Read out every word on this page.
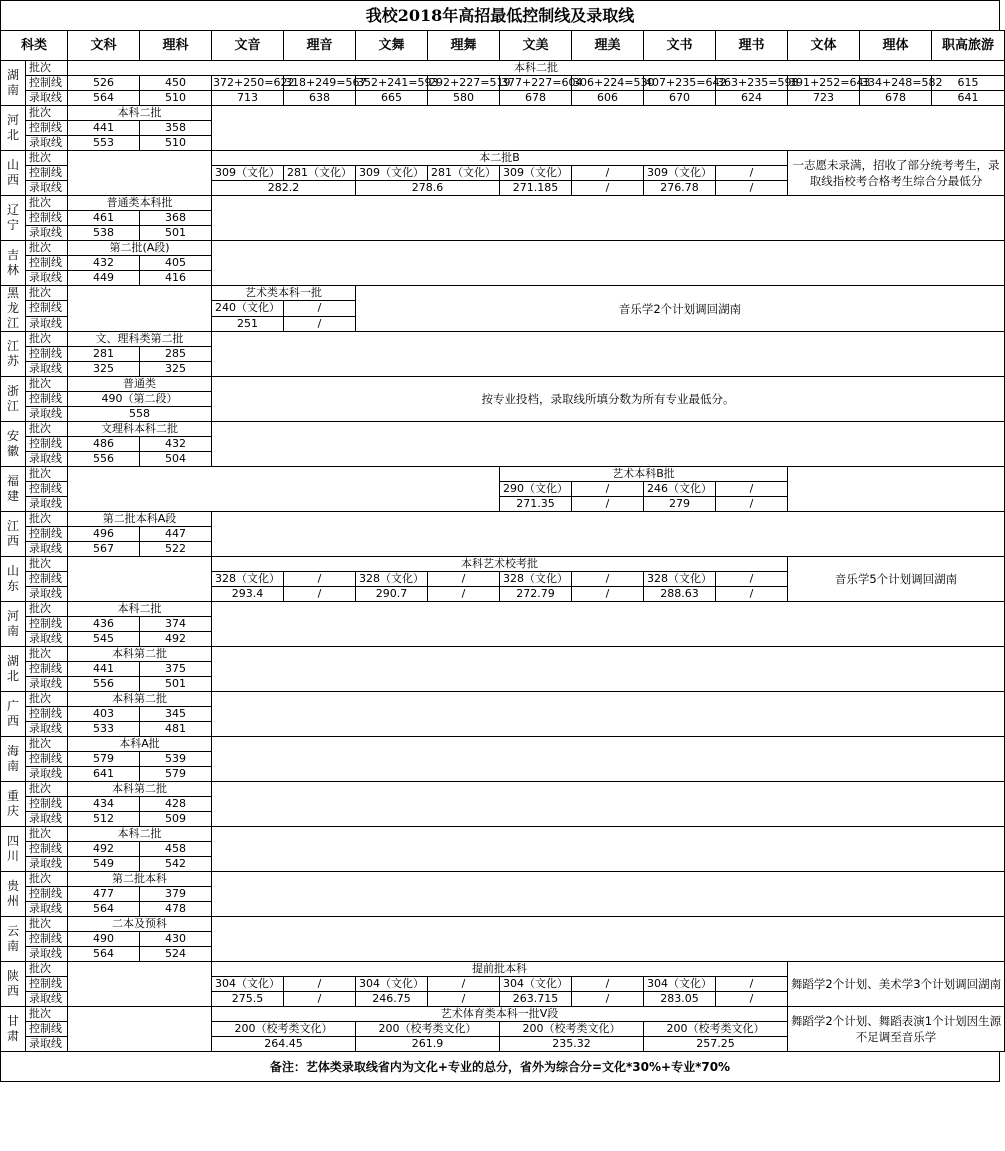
我校2018年高招最低控制线及录取线
科类		文科	理科	文音	理音	文舞	理舞	文美	理美	文书	理书	文体	理体	职高旅游
湖南	批次	本科二批												
	控制线	526	450	372+250=622	318+249=567	352+241=593	292+227=519	377+227=604	306+224=530	407+235=642	363+235=598	391+252=643	334+248=582	615
	录取线	564	510	713	638	665	580	678	606	670	624	723	678	641
河北	批次	本科二批												
	控制线	441	358											
	录取线	553	510											
山西	批次			本二批B								一志愿未录满，招收了部分统考考生，录取线指校考合格考生综合分最低分		
	控制线			309（文化）	281（文化）	309（文化）	281（文化）	309（文化）	/	309（文化）	/			
	录取线			282.2		278.6		271.185	/	276.78	/			
辽宁	批次	普通类本科批												
	控制线	461	368											
	录取线	538	501											
吉林	批次	第二批(A段)												
	控制线	432	405											
	录取线	449	416											
黑龙江	批次			艺术类本科一批		音乐学2个计划调回湖南								
	控制线			240（文化）	/									
	录取线			251	/									
江苏	批次	文、理科类第二批												
	控制线	281	285											
	录取线	325	325											
浙江	批次	普通类		按专业投档，录取线所填分数为所有专业最低分。										
	控制线	490（第二段）												
	录取线	558												
安徽	批次	文理科本科二批												
	控制线	486	432											
	录取线	556	504											
福建	批次							艺术本科B批						
	控制线							290（文化）	/	246（文化）	/			
	录取线							271.35	/	279	/			
江西	批次	第二批本科A段												
	控制线	496	447											
	录取线	567	522											
山东	批次			本科艺术校考批								音乐学5个计划调回湖南		
	控制线			328（文化）	/	328（文化）	/	328（文化）	/	328（文化）	/			
	录取线			293.4	/	290.7	/	272.79	/	288.63	/			
河南	批次	本科二批												
	控制线	436	374											
	录取线	545	492											
湖北	批次	本科第二批												
	控制线	441	375											
	录取线	556	501											
广西	批次	本科第二批												
	控制线	403	345											
	录取线	533	481											
海南	批次	本科A批												
	控制线	579	539											
	录取线	641	579											
重庆	批次	本科第二批												
	控制线	434	428											
	录取线	512	509											
四川	批次	本科二批												
	控制线	492	458											
	录取线	549	542											
贵州	批次	第二批本科												
	控制线	477	379											
	录取线	564	478											
云南	批次	二本及预科												
	控制线	490	430											
	录取线	564	524											
陕西	批次			提前批本科								舞蹈学2个计划、美术学3个计划调回湖南		
	控制线			304（文化）	/	304（文化）	/	304（文化）	/	304（文化）	/			
	录取线			275.5	/	246.75	/	263.715	/	283.05	/			
甘肃	批次			艺术体育类本科一批V段								舞蹈学2个计划、舞蹈表演1个计划因生源不足调至音乐学		
	控制线			200（校考类文化）		200（校考类文化）		200（校考类文化）		200（校考类文化）				
	录取线			264.45		261.9		235.32		257.25				
备注：艺体类录取线省内为文化+专业的总分，省外为综合分=文化*30%+专业*70%
